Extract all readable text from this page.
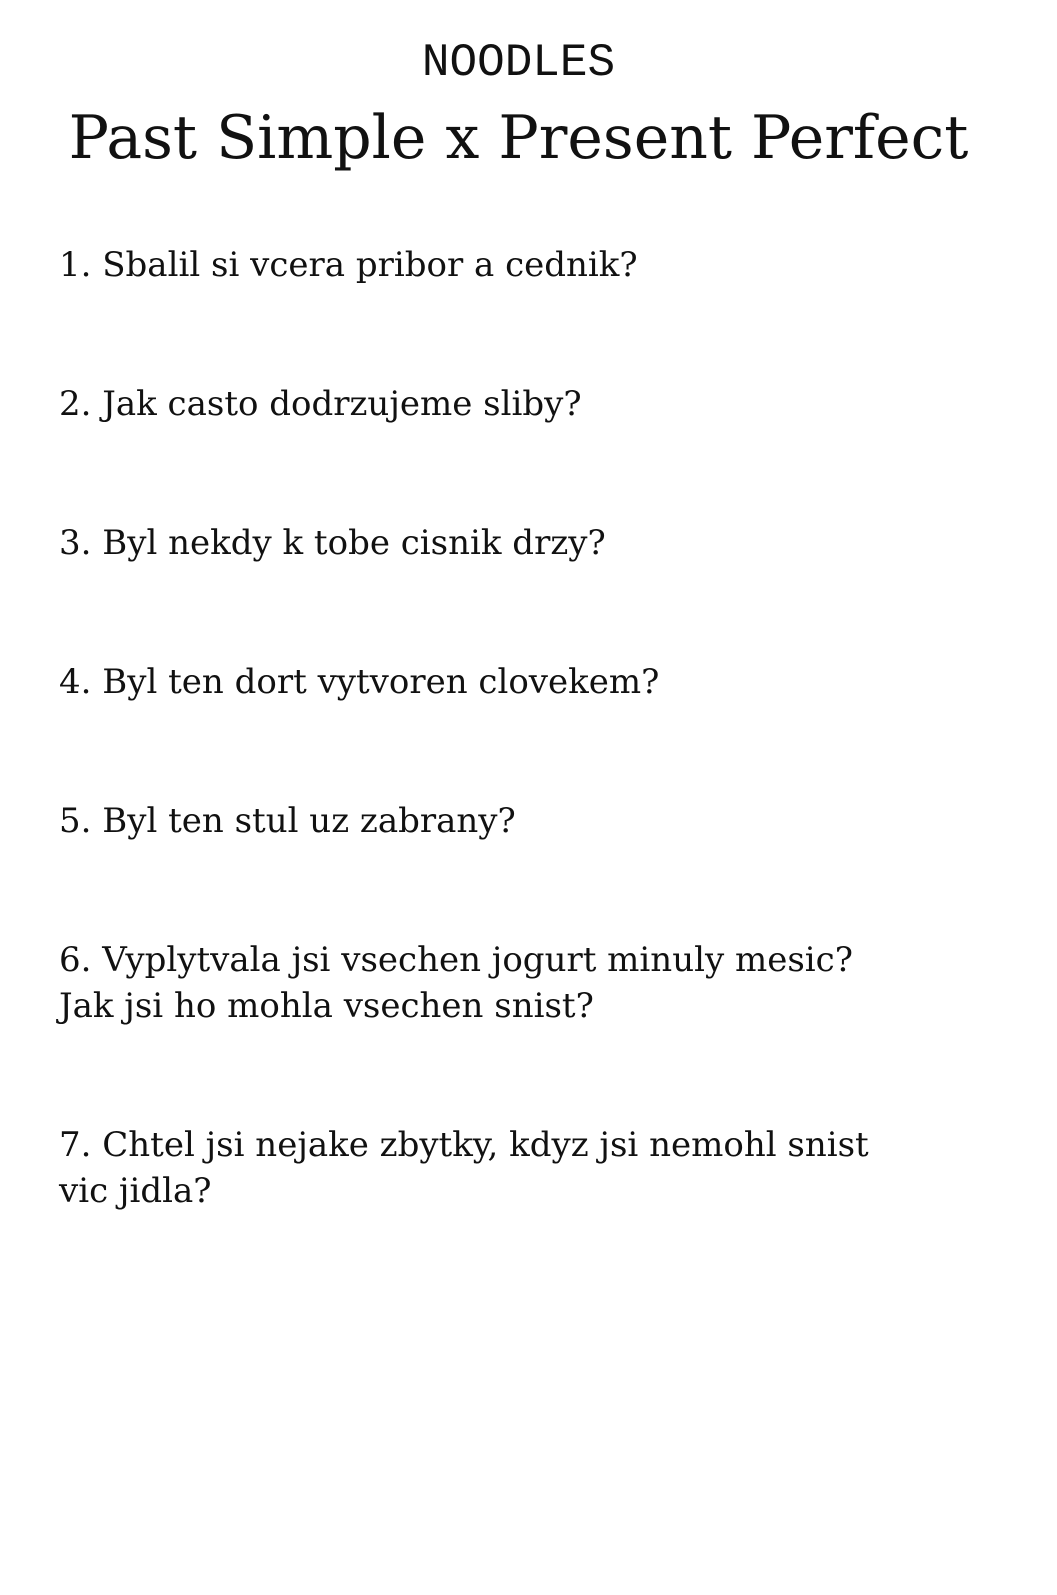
NOODLES
Past Simple x Present Perfect
1. Sbalil si vcera pribor a cednik?
2. Jak casto dodrzujeme sliby?
3. Byl nekdy k tobe cisnik drzy?
4. Byl ten dort vytvoren clovekem?
5. Byl ten stul uz zabrany?
6. Vyplytvala jsi vsechen jogurt minuly mesic?
Jak jsi ho mohla vsechen snist?
7. Chtel jsi nejake zbytky, kdyz jsi nemohl snist
vic jidla?
